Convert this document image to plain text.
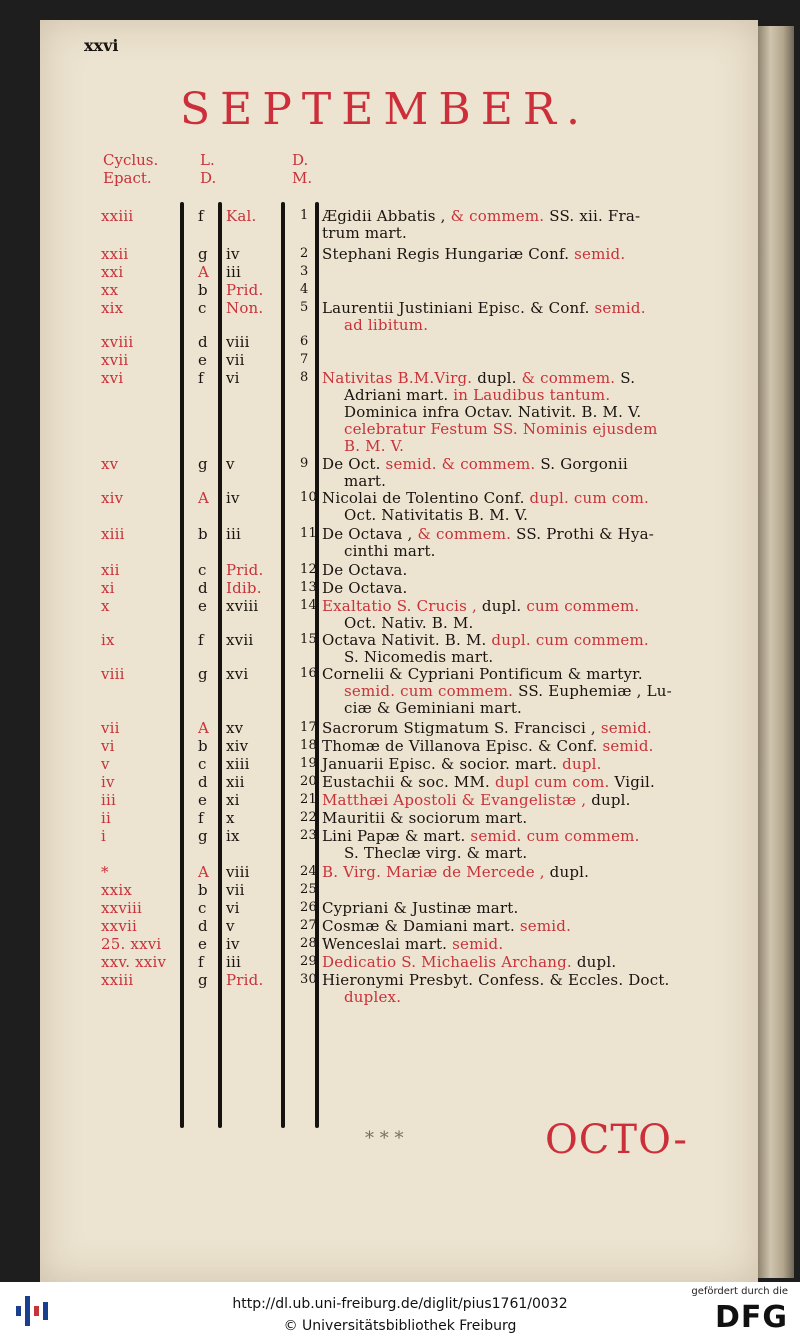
xxvi
SEPTEMBER.
Cyclus.
Epact.
L.
D.
D.
M.
xxiii	f Kal.	1 Ægidii Abbatis , & commem. SS. xii. Fra-
trum mart.
xxii	g iv	2 Stephani Regis Hungariæ Conf. semid.
xxi	A iii	3
xx	b Prid.	4
xix	c Non.	5 Laurentii Justiniani Episc. & Conf. semid.
ad libitum.
xviii	d viii	6
xvii	e vii	7
xvi	f vi	8 Nativitas B.M.Virg. dupl. & commem. S.
Adriani mart. in Laudibus tantum.
Dominica infra Octav. Nativit. B. M. V.
celebratur Festum SS. Nominis ejusdem
B. M. V.
xv	g v	9 De Oct. semid. & commem. S. Gorgonii
mart.
xiv	A iv	10 Nicolai de Tolentino Conf. dupl. cum com.
Oct. Nativitatis B. M. V.
xiii	b iii	11 De Octava , & commem. SS. Prothi & Hya-
cinthi mart.
xii	c Prid.	12 De Octava.
xi	d Idib.	13 De Octava.
x	e xviii	14 Exaltatio S. Crucis , dupl. cum commem.
Oct. Nativ. B. M.
ix	f xvii	15 Octava Nativit. B. M. dupl. cum commem.
S. Nicomedis mart.
viii	g xvi	16 Cornelii & Cypriani Pontificum & martyr.
semid. cum commem. SS. Euphemiæ , Lu-
ciæ & Geminiani mart.
vii	A xv	17 Sacrorum Stigmatum S. Francisci , semid.
vi	b xiv	18 Thomæ de Villanova Episc. & Conf. semid.
v	c xiii	19 Januarii Episc. & socior. mart. dupl.
iv	d xii	20 Eustachii & soc. MM. dupl cum com. Vigil.
iii	e xi	21 Matthæi Apostoli & Evangelistæ , dupl.
ii	f x	22 Mauritii & sociorum mart.
i	g ix	23 Lini Papæ & mart. semid. cum commem.
S. Theclæ virg. & mart.
*	A viii	24 B. Virg. Mariæ de Mercede , dupl.
xxix	b vii	25
xxviii	c vi	26 Cypriani & Justinæ mart.
xxvii	d v	27 Cosmæ & Damiani mart. semid.
25. xxvi e iv	28 Wenceslai mart. semid.
xxv. xxiv f iii	29 Dedicatio S. Michaelis Archang. dupl.
xxiii	g Prid.	30 Hieronymi Presbyt. Confess. & Eccles. Doct.
duplex.
* * *	OCTO-
http://dl.ub.uni-freiburg.de/diglit/pius1761/0032
© Universitätsbibliothek Freiburg
gefördert durch die
DFG
